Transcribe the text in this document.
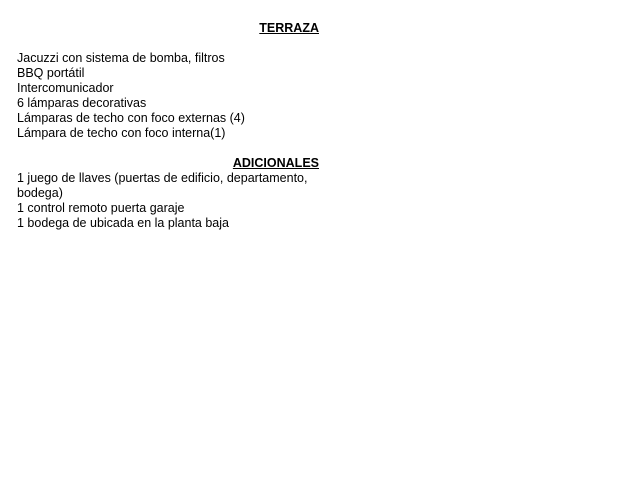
TERRAZA
Jacuzzi con sistema de bomba, filtros
BBQ portátil
Intercomunicador
6 lámparas decorativas
Lámparas de techo con foco externas (4)
Lámpara de techo con foco interna(1)
ADICIONALES
1 juego de llaves (puertas de edificio, departamento, bodega)
1 control remoto puerta garaje
1 bodega de ubicada en la planta baja
